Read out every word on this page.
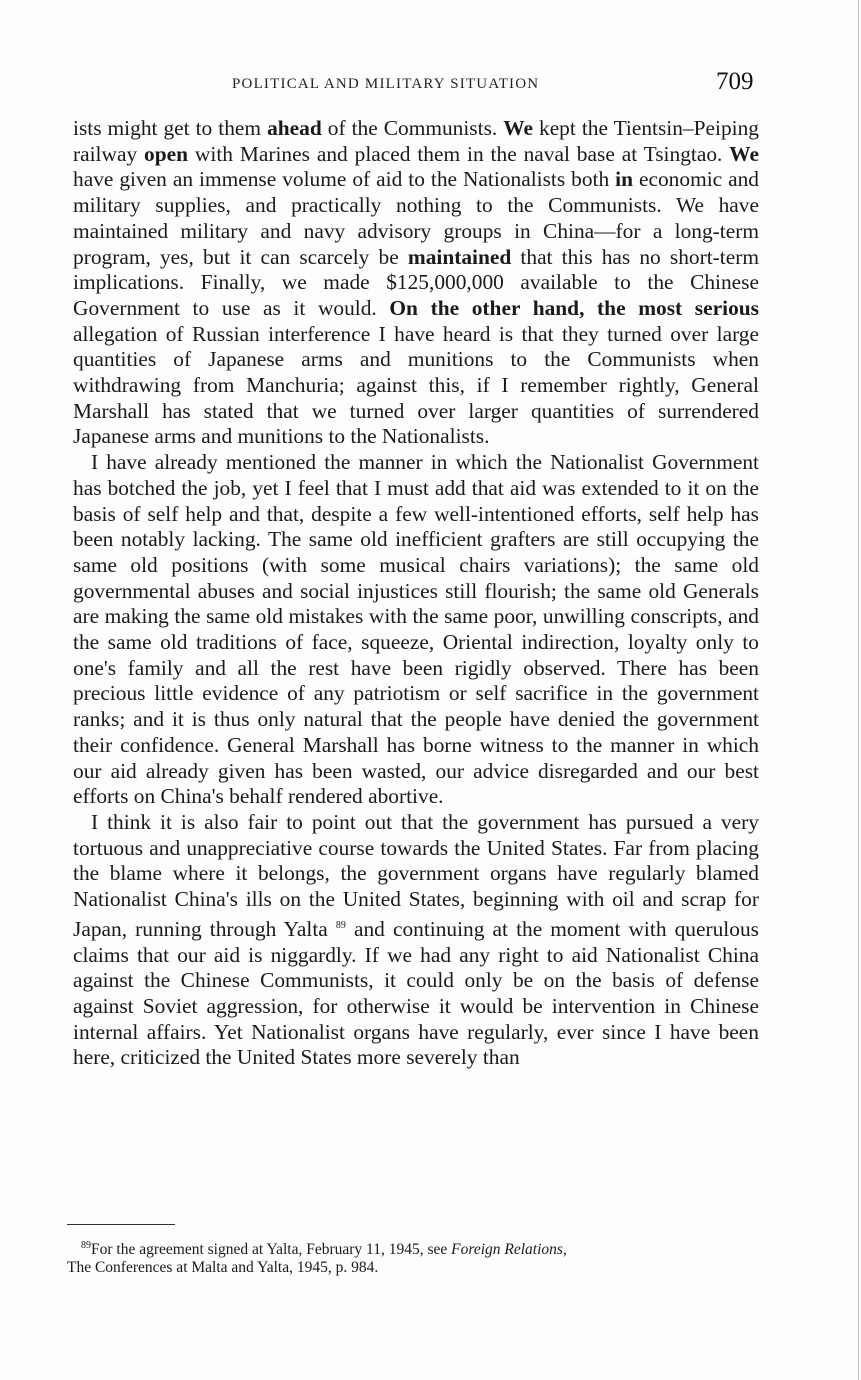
POLITICAL AND MILITARY SITUATION	709

ists might get to them ahead of the Communists. We kept the Tientsin–Peiping railway open with Marines and placed them in the naval base at Tsingtao. We have given an immense volume of aid to the Nationalists both in economic and military supplies, and practically nothing to the Communists. We have maintained military and navy advisory groups in China—for a long-term program, yes, but it can scarcely be maintained that this has no short-term implications. Finally, we made $125,000,000 available to the Chinese Government to use as it would. On the other hand, the most serious allegation of Russian interference I have heard is that they turned over large quantities of Japanese arms and munitions to the Communists when withdrawing from Manchuria; against this, if I remember rightly, General Marshall has stated that we turned over larger quantities of surrendered Japanese arms and munitions to the Nationalists.

I have already mentioned the manner in which the Nationalist Government has botched the job, yet I feel that I must add that aid was extended to it on the basis of self help and that, despite a few well-intentioned efforts, self help has been notably lacking. The same old inefficient grafters are still occupying the same old positions (with some musical chairs variations); the same old governmental abuses and social injustices still flourish; the same old Generals are making the same old mistakes with the same poor, unwilling conscripts, and the same old traditions of face, squeeze, Oriental indirection, loyalty only to one's family and all the rest have been rigidly observed. There has been precious little evidence of any patriotism or self sacrifice in the government ranks; and it is thus only natural that the people have denied the government their confidence. General Marshall has borne witness to the manner in which our aid already given has been wasted, our advice disregarded and our best efforts on China's behalf rendered abortive.

I think it is also fair to point out that the government has pursued a very tortuous and unappreciative course towards the United States. Far from placing the blame where it belongs, the government organs have regularly blamed Nationalist China's ills on the United States, beginning with oil and scrap for Japan, running through Yalta $^{89}$ and continuing at the moment with querulous claims that our aid is niggardly. If we had any right to aid Nationalist China against the Chinese Communists, it could only be on the basis of defense against Soviet aggression, for otherwise it would be intervention in Chinese internal affairs. Yet Nationalist organs have regularly, ever since I have been here, criticized the United States more severely than

$^{89}$For the agreement signed at Yalta, February 11, 1945, see Foreign Relations,

The Conferences at Malta and Yalta, 1945, p. 984.
